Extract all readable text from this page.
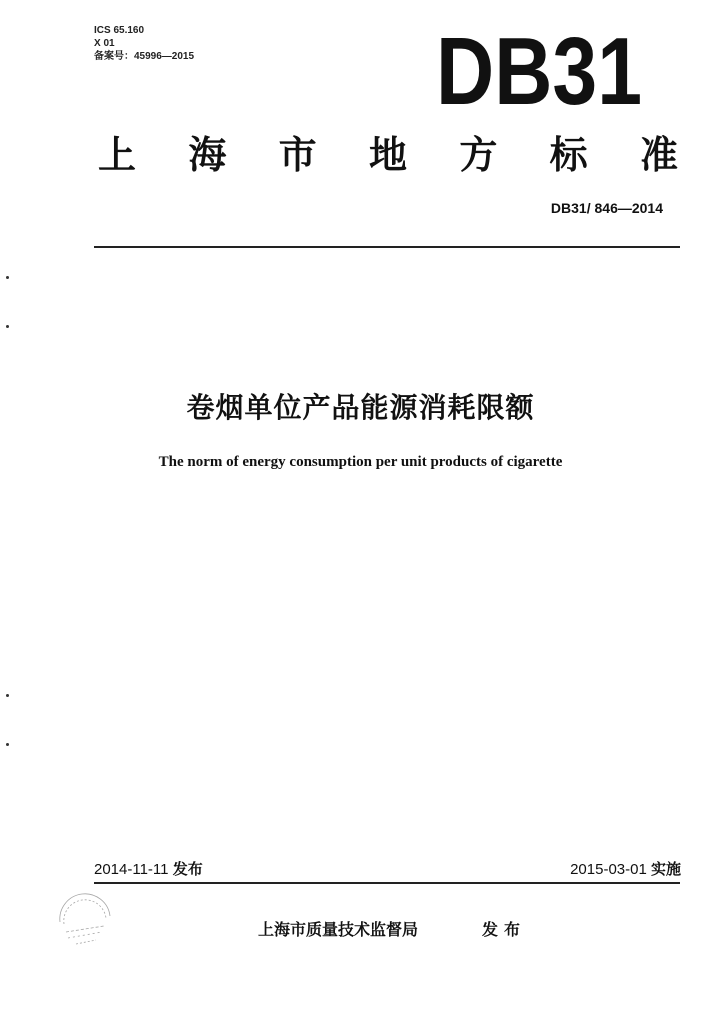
ICS 65.160
X 01
备案号：45996—2015	DB31
上 海 市 地 方 标 准
DB31/ 846—2014
卷烟单位产品能源消耗限额
The norm of energy consumption per unit products of cigarette
2014-11-11 发布	2015-03-01 实施
上海市质量技术监督局	发布
